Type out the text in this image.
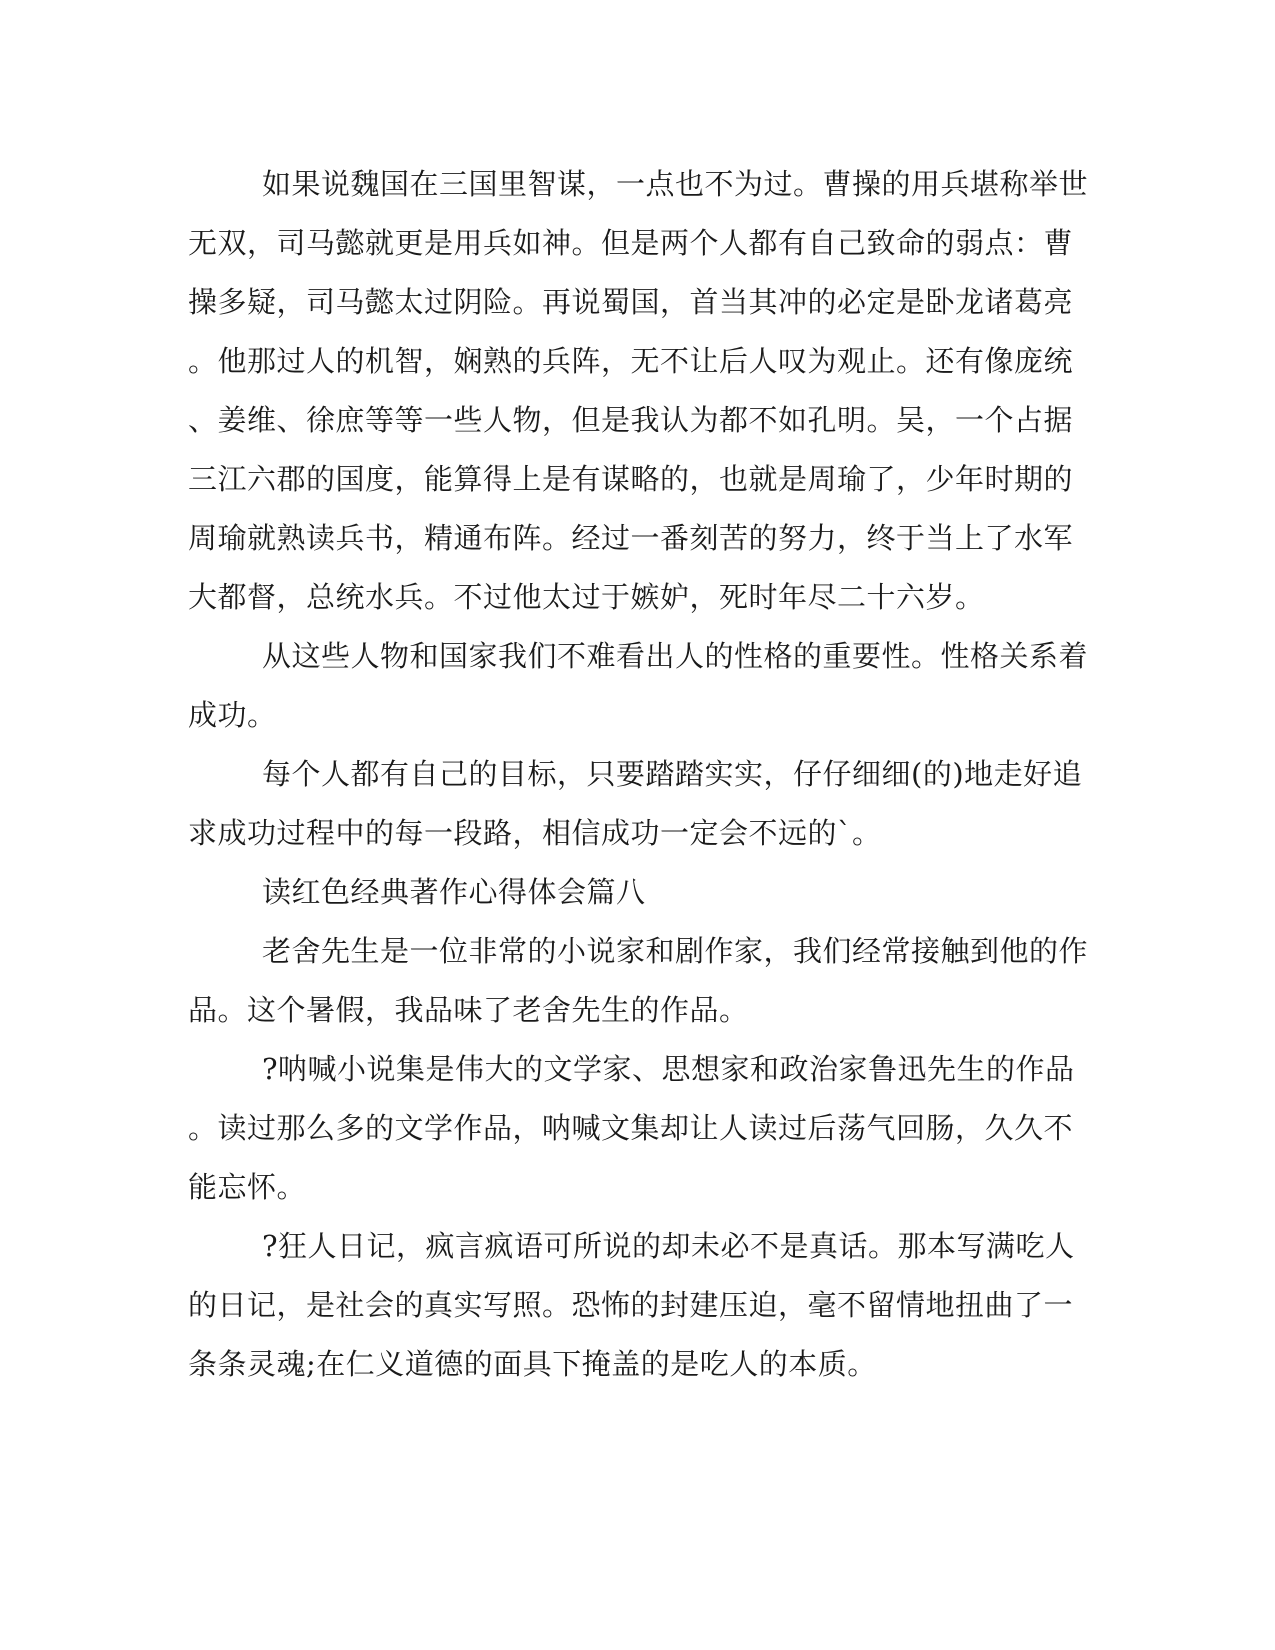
如果说魏国在三国里智谋，一点也不为过。曹操的用兵堪称举世
无双，司马懿就更是用兵如神。但是两个人都有自己致命的弱点：曹
操多疑，司马懿太过阴险。再说蜀国，首当其冲的必定是卧龙诸葛亮
。他那过人的机智，娴熟的兵阵，无不让后人叹为观止。还有像庞统
、姜维、徐庶等等一些人物，但是我认为都不如孔明。吴，一个占据
三江六郡的国度，能算得上是有谋略的，也就是周瑜了，少年时期的
周瑜就熟读兵书，精通布阵。经过一番刻苦的努力，终于当上了水军
大都督，总统水兵。不过他太过于嫉妒，死时年尽二十六岁。
从这些人物和国家我们不难看出人的性格的重要性。性格关系着
成功。
每个人都有自己的目标，只要踏踏实实，仔仔细细(的)地走好追
求成功过程中的每一段路，相信成功一定会不远的`。
读红色经典著作心得体会篇八
老舍先生是一位非常的小说家和剧作家，我们经常接触到他的作
品。这个暑假，我品味了老舍先生的作品。
?呐喊小说集是伟大的文学家、思想家和政治家鲁迅先生的作品
。读过那么多的文学作品，呐喊文集却让人读过后荡气回肠，久久不
能忘怀。
?狂人日记，疯言疯语可所说的却未必不是真话。那本写满吃人
的日记，是社会的真实写照。恐怖的封建压迫，毫不留情地扭曲了一
条条灵魂;在仁义道德的面具下掩盖的是吃人的本质。
